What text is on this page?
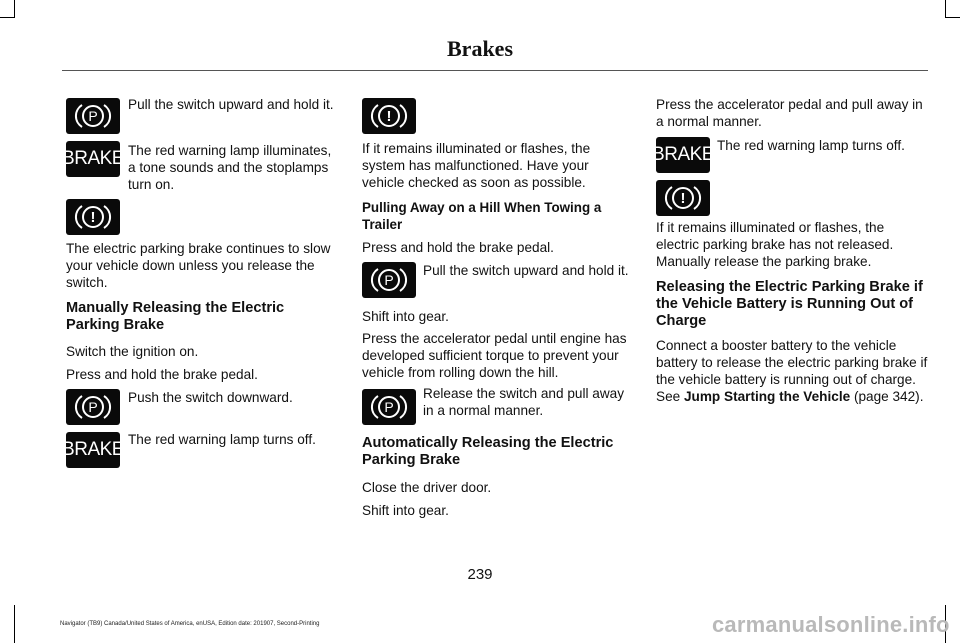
Brakes
P

Pull the switch upward and hold it.

BRAKE The red warning lamp illuminates, a tone sounds and the stoplamps turn on.

!

The electric parking brake continues to slow your vehicle down unless you release the switch.

Manually Releasing the Electric Parking Brake

Switch the ignition on.

Press and hold the brake pedal.

P

Push the switch downward.

BRAKE The red warning lamp turns off.

!

If it remains illuminated or flashes, the system has malfunctioned. Have your vehicle checked as soon as possible.

Pulling Away on a Hill When Towing a Trailer

Press and hold the brake pedal.

P

Pull the switch upward and hold it.

Shift into gear.

Press the accelerator pedal until engine has developed sufficient torque to prevent your vehicle from rolling down the hill.

P

Release the switch and pull away in a normal manner.

Automatically Releasing the Electric Parking Brake

Close the driver door.

Shift into gear.

Press the accelerator pedal and pull away in a normal manner.

BRAKE The red warning lamp turns off.

!

If it remains illuminated or flashes, the electric parking brake has not released. Manually release the parking brake.

Releasing the Electric Parking Brake if the Vehicle Battery is Running Out of Charge

Connect a booster battery to the vehicle battery to release the electric parking brake if the vehicle battery is running out of charge. See Jump Starting the Vehicle (page 342).

239
Navigator (TB9) Canada/United States of America, enUSA, Edition date: 201907, Second-Printing	carmanualsonline.info
